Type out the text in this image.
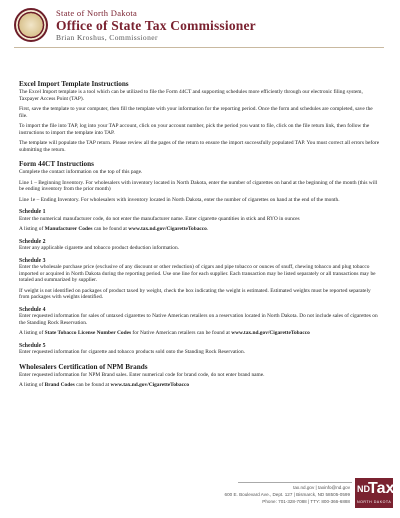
State of North Dakota
Office of State Tax Commissioner
Brian Kroshus, Commissioner
Excel Import Template Instructions

The Excel Import template is a tool which can be utilized to file the Form 44CT and supporting schedules more efficiently through our electronic filing system, Taxpayer Access Point (TAP).

First, save the template to your computer, then fill the template with your information for the reporting period. Once the form and schedules are completed, save the file.

To import the file into TAP, log into your TAP account, click on your account number, pick the period you want to file, click on the file return link, then follow the instructions to import the template into TAP.

The template will populate the TAP return. Please review all the pages of the return to ensure the import successfully populated TAP. You must correct all errors before submitting the return.

Form 44CT Instructions

Complete the contact information on the top of this page.

Line 1 – Beginning Inventory. For wholesalers with inventory located in North Dakota, enter the number of cigarettes on hand at the beginning of the month (this will be ending inventory from the prior month)

Line 1e – Ending Inventory. For wholesalers with inventory located in North Dakota, enter the number of cigarettes on hand at the end of the month.

Schedule 1

Enter the numerical manufacturer code, do not enter the manufacturer name. Enter cigarette quantities in stick and RYO in ounces

A listing of Manufacturer Codes can be found at www.tax.nd.gov/CigaretteTobacco.

Schedule 2

Enter any applicable cigarette and tobacco product deduction information.

Schedule 3

Enter the wholesale purchase price (exclusive of any discount or other reduction) of cigars and pipe tobacco or ounces of snuff, chewing tobacco and plug tobacco imported or acquired in North Dakota during the reporting period. Use one line for each supplier. Each transaction may be listed separately or all transactions may be totaled and summarized by supplier.

If weight is not identified on packages of product taxed by weight, check the box indicating the weight is estimated. Estimated weights must be reported separately from packages with weights identified.

Schedule 4

Enter requested information for sales of untaxed cigarettes to Native American retailers on a reservation located in North Dakota. Do not include sales of cigarettes on the Standing Rock Reservation.

A listing of State Tobacco License Number Codes for Native American retailers can be found at www.tax.nd.gov/CigaretteTobacco

Schedule 5

Enter requested information for cigarette and tobacco products sold onto the Standing Rock Reservation.

Wholesalers Certification of NPM Brands

Enter requested information for NPM Brand sales. Enter numerical code for brand code, do not enter brand name.

A listing of Brand Codes can be found at www.tax.nd.gov/CigaretteTobacco

tax.nd.gov | taxinfo@nd.gov
600 E. Boulevard Ave., Dept. 127 | Bismarck, ND 58505-0599
Phone: 701-328-7088 | TTY: 800-366-6888
ND
Tax
NORTH DAKOTA
